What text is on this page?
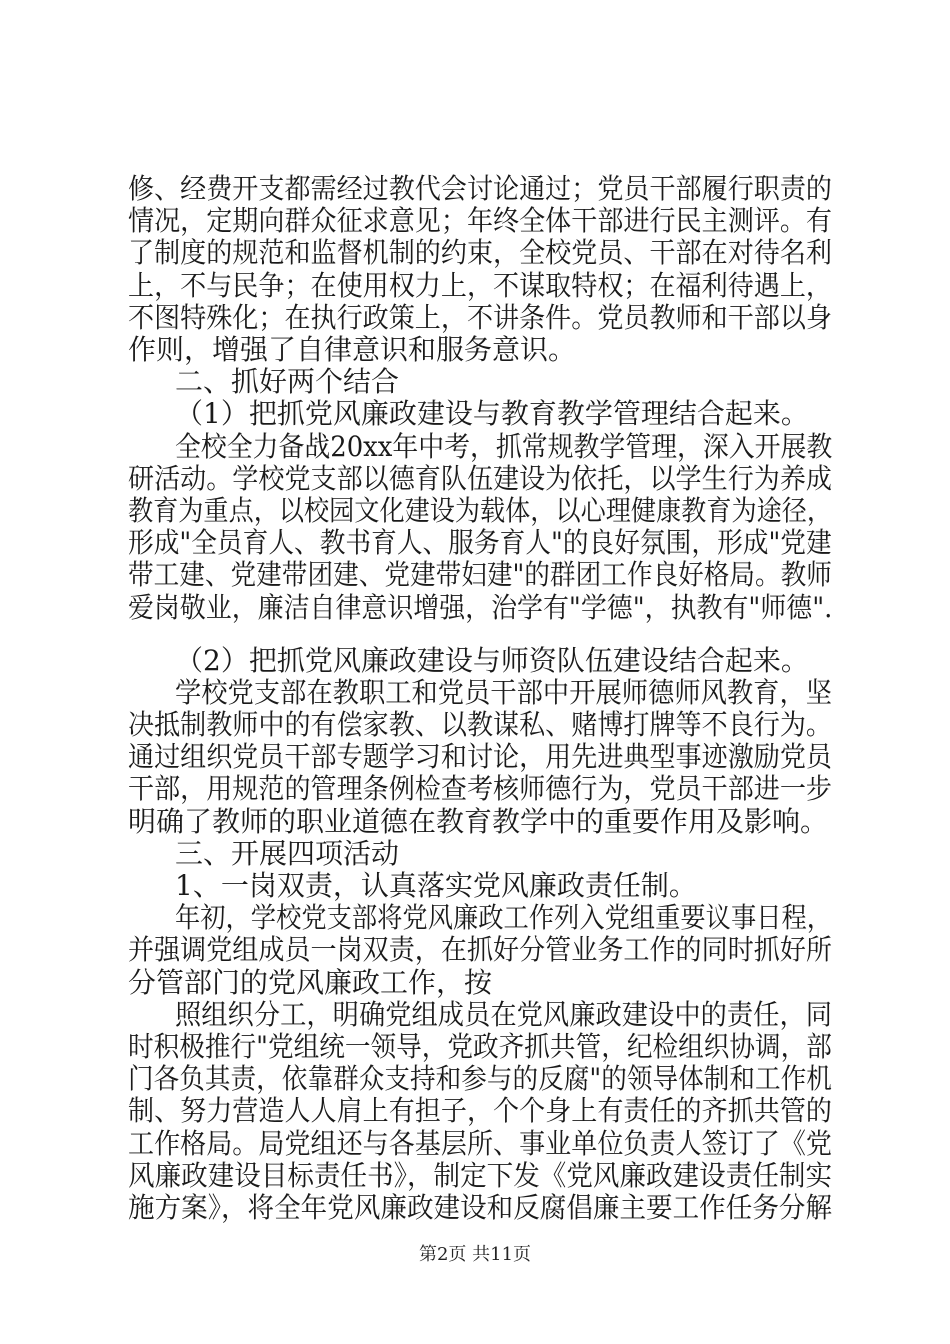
修、经费开支都需经过教代会讨论通过；党员干部履行职责的
情况，定期向群众征求意见；年终全体干部进行民主测评。有
了制度的规范和监督机制的约束，全校党员、干部在对待名利
上，不与民争；在使用权力上，不谋取特权；在福利待遇上，
不图特殊化；在执行政策上，不讲条件。党员教师和干部以身
作则，增强了自律意识和服务意识。
二、抓好两个结合
（1）把抓党风廉政建设与教育教学管理结合起来。
全校全力备战20xx年中考，抓常规教学管理，深入开展教
研活动。学校党支部以德育队伍建设为依托，以学生行为养成
教育为重点，以校园文化建设为载体，以心理健康教育为途径，
形成"全员育人、教书育人、服务育人"的良好氛围，形成"党建
带工建、党建带团建、党建带妇建"的群团工作良好格局。教师
爱岗敬业，廉洁自律意识增强，治学有"学德"，执教有"师德".
（2）把抓党风廉政建设与师资队伍建设结合起来。
学校党支部在教职工和党员干部中开展师德师风教育，坚
决抵制教师中的有偿家教、以教谋私、赌博打牌等不良行为。
通过组织党员干部专题学习和讨论，用先进典型事迹激励党员
干部，用规范的管理条例检查考核师德行为，党员干部进一步
明确了教师的职业道德在教育教学中的重要作用及影响。
三、开展四项活动
1、一岗双责，认真落实党风廉政责任制。
年初，学校党支部将党风廉政工作列入党组重要议事日程，
并强调党组成员一岗双责，在抓好分管业务工作的同时抓好所
分管部门的党风廉政工作，按
照组织分工，明确党组成员在党风廉政建设中的责任，同
时积极推行"党组统一领导，党政齐抓共管，纪检组织协调，部
门各负其责，依靠群众支持和参与的反腐"的领导体制和工作机
制、努力营造人人肩上有担子，个个身上有责任的齐抓共管的
工作格局。局党组还与各基层所、事业单位负责人签订了《党
风廉政建设目标责任书》，制定下发《党风廉政建设责任制实
施方案》，将全年党风廉政建设和反腐倡廉主要工作任务分解
第2页 共11页
